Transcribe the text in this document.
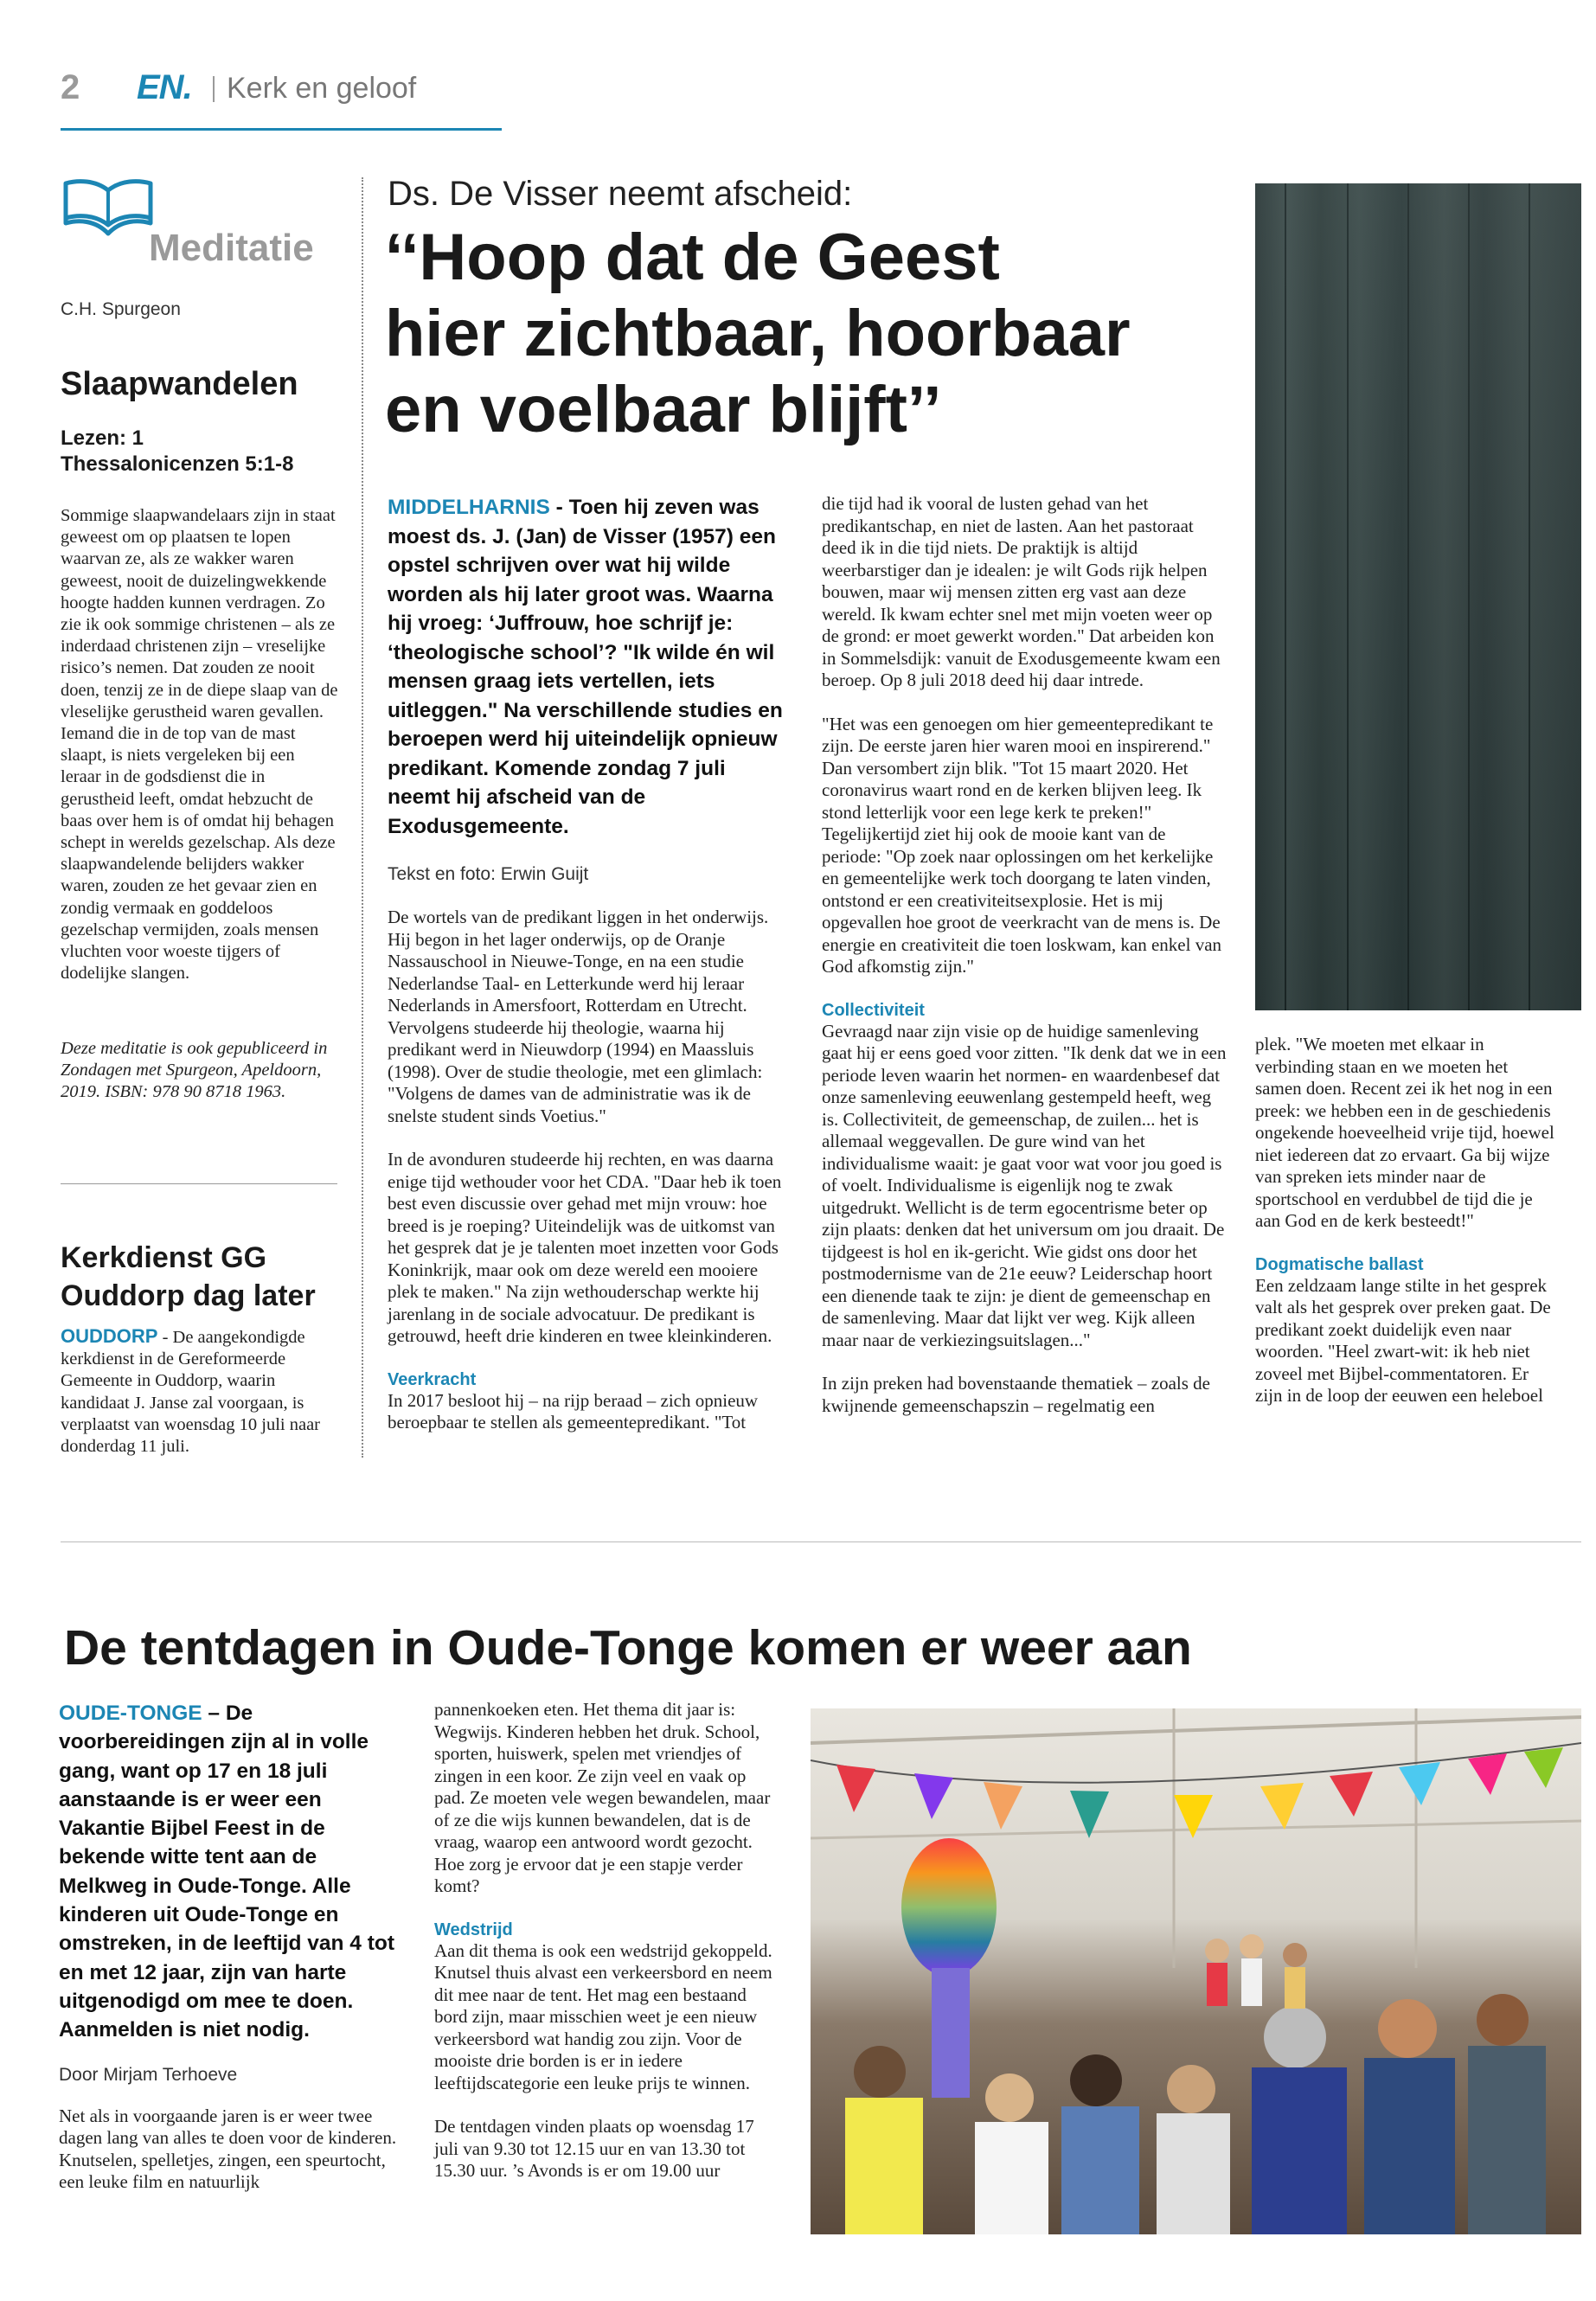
2 EN. Kerk en geloof
Meditatie
C.H. Spurgeon
Slaapwandelen
Lezen: 1
Thessalonicenzen 5:1-8
Sommige slaapwandelaars zijn in staat geweest om op plaatsen te lopen waarvan ze, als ze wakker waren geweest, nooit de duizelingwekkende hoogte hadden kunnen verdragen. Zo zie ik ook sommige christenen – als ze inderdaad christenen zijn – vreselijke risico’s nemen. Dat zouden ze nooit doen, tenzij ze in de diepe slaap van de vleselijke gerustheid waren gevallen. Iemand die in de top van de mast slaapt, is niets vergeleken bij een leraar in de godsdienst die in gerustheid leeft, omdat hebzucht de baas over hem is of omdat hij behagen schept in werelds gezelschap. Als deze slaapwandelende belijders wakker waren, zouden ze het gevaar zien en zondig vermaak en goddeloos gezelschap vermijden, zoals mensen vluchten voor woeste tijgers of dodelijke slangen.
Deze meditatie is ook gepubliceerd in Zondagen met Spurgeon, Apeldoorn, 2019. ISBN: 978 90 8718 1963.
Kerkdienst GG
Ouddorp dag later
OUDDORP - De aangekondigde kerkdienst in de Gereformeerde Gemeente in Ouddorp, waarin kandidaat J. Janse zal voorgaan, is verplaatst van woensdag 10 juli naar donderdag 11 juli.
Ds. De Visser neemt afscheid:
‘‘Hoop dat de Geest
hier zichtbaar, hoorbaar
en voelbaar blijft’’
MIDDELHARNIS - Toen hij zeven was moest ds. J. (Jan) de Visser (1957) een opstel schrijven over wat hij wilde worden als hij later groot was. Waarna hij vroeg: ‘Juffrouw, hoe schrijf je: ‘theologische school’? "Ik wilde én wil mensen graag iets vertellen, iets uitleggen." Na verschillende studies en beroepen werd hij uiteindelijk opnieuw predikant. Komende zondag 7 juli neemt hij afscheid van de Exodusgemeente.
Tekst en foto: Erwin Guijt

De wortels van de predikant liggen in het onderwijs. Hij begon in het lager onderwijs, op de Oranje Nassauschool in Nieuwe-Tonge, en na een studie Nederlandse Taal- en Letterkunde werd hij leraar Nederlands in Amersfoort, Rotterdam en Utrecht. Vervolgens studeerde hij theologie, waarna hij predikant werd in Nieuwdorp (1994) en Maassluis (1998). Over de studie theologie, met een glimlach: "Volgens de dames van de administratie was ik de snelste student sinds Voetius."

In de avonduren studeerde hij rechten, en was daarna enige tijd wethouder voor het CDA. "Daar heb ik toen best even discussie over gehad met mijn vrouw: hoe breed is je roeping? Uiteindelijk was de uitkomst van het gesprek dat je je talenten moet inzetten voor Gods Koninkrijk, maar ook om deze wereld een mooiere plek te maken." Na zijn wethouderschap werkte hij jarenlang in de sociale advocatuur. De predikant is getrouwd, heeft drie kinderen en twee kleinkinderen.

Veerkracht

In 2017 besloot hij – na rijp beraad – zich opnieuw beroepbaar te stellen als gemeentepredikant. "Tot

die tijd had ik vooral de lusten gehad van het predikantschap, en niet de lasten. Aan het pastoraat deed ik in die tijd niets. De praktijk is altijd weerbarstiger dan je idealen: je wilt Gods rijk helpen bouwen, maar wij mensen zitten erg vast aan deze wereld. Ik kwam echter snel met mijn voeten weer op de grond: er moet gewerkt worden." Dat arbeiden kon in Sommelsdijk: vanuit de Exodusgemeente kwam een beroep. Op 8 juli 2018 deed hij daar intrede.

"Het was een genoegen om hier gemeentepredikant te zijn. De eerste jaren hier waren mooi en inspirerend." Dan versombert zijn blik. "Tot 15 maart 2020. Het coronavirus waart rond en de kerken blijven leeg. Ik stond letterlijk voor een lege kerk te preken!" Tegelijkertijd ziet hij ook de mooie kant van de periode: "Op zoek naar oplossingen om het kerkelijke en gemeentelijke werk toch doorgang te laten vinden, ontstond er een creativiteitsexplosie. Het is mij opgevallen hoe groot de veerkracht van de mens is. De energie en creativiteit die toen loskwam, kan enkel van God afkomstig zijn."

Collectiviteit

Gevraagd naar zijn visie op de huidige samenleving gaat hij er eens goed voor zitten. "Ik denk dat we in een periode leven waarin het normen- en waardenbesef dat onze samenleving eeuwenlang gestempeld heeft, weg is. Collectiviteit, de gemeenschap, de zuilen... het is allemaal weggevallen. De gure wind van het individualisme waait: je gaat voor wat voor jou goed is of voelt. Individualisme is eigenlijk nog te zwak uitgedrukt. Wellicht is de term egocentrisme beter op zijn plaats: denken dat het universum om jou draait. De tijdgeest is hol en ik-gericht. Wie gidst ons door het postmodernisme van de 21e eeuw? Leiderschap hoort een dienende taak te zijn: je dient de gemeenschap en de samenleving. Maar dat lijkt ver weg. Kijk alleen maar naar de verkiezingsuitslagen..."

In zijn preken had bovenstaande thematiek – zoals de kwijnende gemeenschapszin – regelmatig een

plek. "We moeten met elkaar in verbinding staan en we moeten het samen doen. Recent zei ik het nog in een preek: we hebben een in de geschiedenis ongekende hoeveelheid vrije tijd, hoewel niet iedereen dat zo ervaart. Ga bij wijze van spreken iets minder naar de sportschool en verdubbel de tijd die je aan God en de kerk besteedt!"

Dogmatische ballast

Een zeldzaam lange stilte in het gesprek valt als het gesprek over preken gaat. De predikant zoekt duidelijk even naar woorden. "Heel zwart-wit: ik heb niet zoveel met Bijbel-commentatoren. Er zijn in de loop der eeuwen een heleboel

De tentdagen in Oude-Tonge komen er weer aan
OUDE-TONGE – De voorbereidingen zijn al in volle gang, want op 17 en 18 juli aanstaande is er weer een Vakantie Bijbel Feest in de bekende witte tent aan de Melkweg in Oude-Tonge. Alle kinderen uit Oude-Tonge en omstreken, in de leeftijd van 4 tot en met 12 jaar, zijn van harte uitgenodigd om mee te doen. Aanmelden is niet nodig.
Door Mirjam Terhoeve

Net als in voorgaande jaren is er weer twee dagen lang van alles te doen voor de kinderen. Knutselen, spelletjes, zingen, een speurtocht, een leuke film en natuurlijk

pannenkoeken eten. Het thema dit jaar is: Wegwijs. Kinderen hebben het druk. School, sporten, huiswerk, spelen met vriendjes of zingen in een koor. Ze zijn veel en vaak op pad. Ze moeten vele wegen bewandelen, maar of ze die wijs kunnen bewandelen, dat is de vraag, waarop een antwoord wordt gezocht. Hoe zorg je ervoor dat je een stapje verder komt?

Wedstrijd

Aan dit thema is ook een wedstrijd gekoppeld. Knutsel thuis alvast een verkeersbord en neem dit mee naar de tent. Het mag een bestaand bord zijn, maar misschien weet je een nieuw verkeersbord wat handig zou zijn. Voor de mooiste drie borden is er in iedere leeftijdscategorie een leuke prijs te winnen.

De tentdagen vinden plaats op woensdag 17 juli van 9.30 tot 12.15 uur en van 13.30 tot 15.30 uur. ’s Avonds is er om 19.00 uur
